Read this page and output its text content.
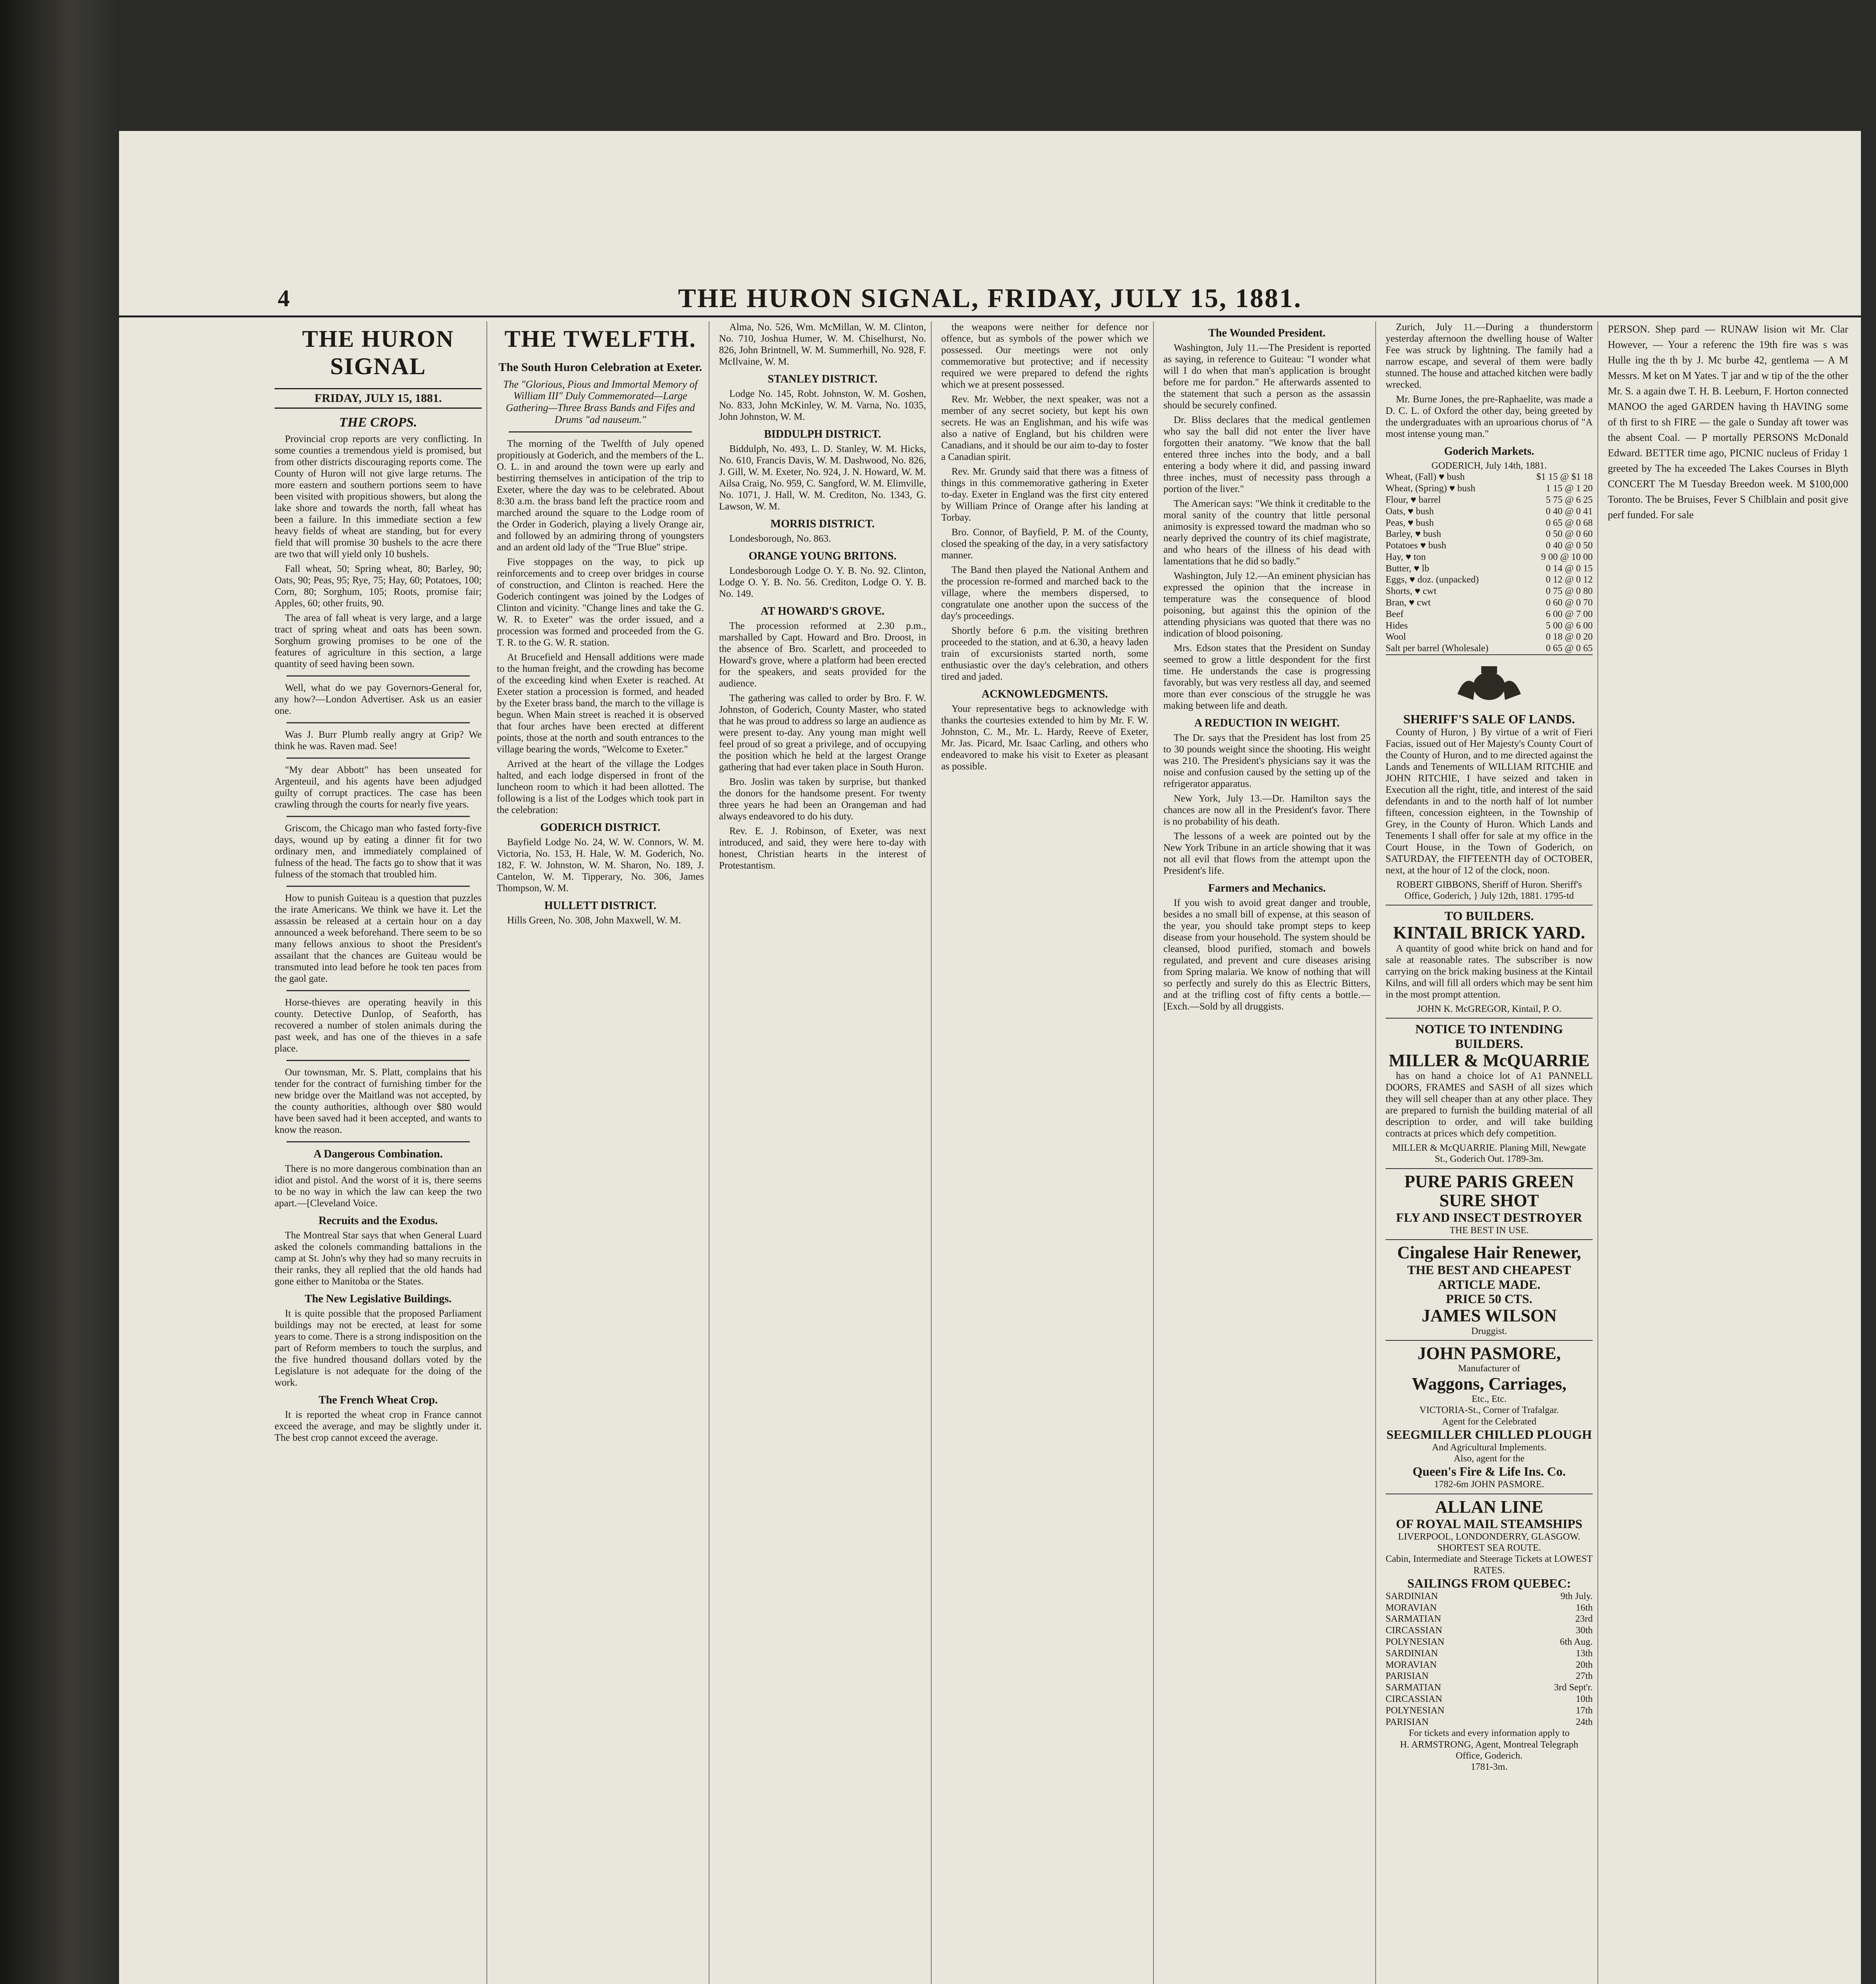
4	THE HURON SIGNAL, FRIDAY, JULY 15, 1881.
THE HURON SIGNAL
FRIDAY, JULY 15, 1881.
THE CROPS.

Provincial crop reports are very conflicting. In some counties a tremendous yield is promised, but from other districts discouraging reports come. The County of Huron will not give large returns. The more eastern and southern portions seem to have been visited with propitious showers, but along the lake shore and towards the north, fall wheat has been a failure. In this immediate section a few heavy fields of wheat are standing, but for every field that will promise 30 bushels to the acre there are two that will yield only 10 bushels.

Fall wheat, 50; Spring wheat, 80; Barley, 90; Oats, 90; Peas, 95; Rye, 75; Hay, 60; Potatoes, 100; Corn, 80; Sorghum, 105; Roots, promise fair; Apples, 60; other fruits, 90.

The area of fall wheat is very large, and a large tract of spring wheat and oats has been sown. Sorghum growing promises to be one of the features of agriculture in this section, a large quantity of seed having been sown.

Well, what do we pay Governors-General for, any how?—London Advertiser. Ask us an easier one.

Was J. Burr Plumb really angry at Grip? We think he was. Raven mad. See!

"My dear Abbott" has been unseated for Argenteuil, and his agents have been adjudged guilty of corrupt practices. The case has been crawling through the courts for nearly five years.

Griscom, the Chicago man who fasted forty-five days, wound up by eating a dinner fit for two ordinary men, and immediately complained of fulness of the head. The facts go to show that it was fulness of the stomach that troubled him.

How to punish Guiteau is a question that puzzles the irate Americans. We think we have it. Let the assassin be released at a certain hour on a day announced a week beforehand. There seem to be so many fellows anxious to shoot the President's assailant that the chances are Guiteau would be transmuted into lead before he took ten paces from the gaol gate.

Horse-thieves are operating heavily in this county. Detective Dunlop, of Seaforth, has recovered a number of stolen animals during the past week, and has one of the thieves in a safe place.

Our townsman, Mr. S. Platt, complains that his tender for the contract of furnishing timber for the new bridge over the Maitland was not accepted, by the county authorities, although over $80 would have been saved had it been accepted, and wants to know the reason.

A Dangerous Combination.

There is no more dangerous combination than an idiot and pistol. And the worst of it is, there seems to be no way in which the law can keep the two apart.—[Cleveland Voice.

Recruits and the Exodus.

The Montreal Star says that when General Luard asked the colonels commanding battalions in the camp at St. John's why they had so many recruits in their ranks, they all replied that the old hands had gone either to Manitoba or the States.

The New Legislative Buildings.

It is quite possible that the proposed Parliament buildings may not be erected, at least for some years to come. There is a strong indisposition on the part of Reform members to touch the surplus, and the five hundred thousand dollars voted by the Legislature is not adequate for the doing of the work.

The French Wheat Crop.

It is reported the wheat crop in France cannot exceed the average, and may be slightly under it. The best crop cannot exceed the average.

THE TWELFTH.
The South Huron Celebration at Exeter.
The "Glorious, Pious and Immortal Memory of William III" Duly Commemorated—Large Gathering—Three Brass Bands and Fifes and Drums "ad nauseum."

The morning of the Twelfth of July opened propitiously at Goderich, and the members of the L. O. L. in and around the town were up early and bestirring themselves in anticipation of the trip to Exeter, where the day was to be celebrated. About 8:30 a.m. the brass band left the practice room and marched around the square to the Lodge room of the Order in Goderich, playing a lively Orange air, and followed by an admiring throng of youngsters and an ardent old lady of the "True Blue" stripe.

Five stoppages on the way, to pick up reinforcements and to creep over bridges in course of construction, and Clinton is reached. Here the Goderich contingent was joined by the Lodges of Clinton and vicinity. "Change lines and take the G. W. R. to Exeter" was the order issued, and a procession was formed and proceeded from the G. T. R. to the G. W. R. station.

At Brucefield and Hensall additions were made to the human freight, and the crowding has become of the exceeding kind when Exeter is reached. At Exeter station a procession is formed, and headed by the Exeter brass band, the march to the village is begun. When Main street is reached it is observed that four arches have been erected at different points, those at the north and south entrances to the village bearing the words, "Welcome to Exeter."

Arrived at the heart of the village the Lodges halted, and each lodge dispersed in front of the luncheon room to which it had been allotted. The following is a list of the Lodges which took part in the celebration:

GODERICH DISTRICT.

Bayfield Lodge No. 24, W. W. Connors, W. M. Victoria, No. 153, H. Hale, W. M. Goderich, No. 182, F. W. Johnston, W. M. Sharon, No. 189, J. Cantelon, W. M. Tipperary, No. 306, James Thompson, W. M.

HULLETT DISTRICT.

Hills Green, No. 308, John Maxwell, W. M.

Alma, No. 526, Wm. McMillan, W. M. Clinton, No. 710, Joshua Humer, W. M. Chiselhurst, No. 826, John Brintnell, W. M. Summerhill, No. 928, F. McIlvaine, W. M.

STANLEY DISTRICT.

Lodge No. 145, Robt. Johnston, W. M. Goshen, No. 833, John McKinley, W. M. Varna, No. 1035, John Johnston, W. M.

BIDDULPH DISTRICT.

Biddulph, No. 493, L. D. Stanley, W. M. Hicks, No. 610, Francis Davis, W. M. Dashwood, No. 826, J. Gill, W. M. Exeter, No. 924, J. N. Howard, W. M. Ailsa Craig, No. 959, C. Sangford, W. M. Elimville, No. 1071, J. Hall, W. M. Crediton, No. 1343, G. Lawson, W. M.

MORRIS DISTRICT.

Londesborough, No. 863.

ORANGE YOUNG BRITONS.

Londesborough Lodge O. Y. B. No. 92. Clinton, Lodge O. Y. B. No. 56. Crediton, Lodge O. Y. B. No. 149.

AT HOWARD'S GROVE.

The procession reformed at 2.30 p.m., marshalled by Capt. Howard and Bro. Droost, in the absence of Bro. Scarlett, and proceeded to Howard's grove, where a platform had been erected for the speakers, and seats provided for the audience.

The gathering was called to order by Bro. F. W. Johnston, of Goderich, County Master, who stated that he was proud to address so large an audience as were present to-day. Any young man might well feel proud of so great a privilege, and of occupying the position which he held at the largest Orange gathering that had ever taken place in South Huron.

Bro. Joslin was taken by surprise, but thanked the donors for the handsome present. For twenty three years he had been an Orangeman and had always endeavored to do his duty.

Rev. E. J. Robinson, of Exeter, was next introduced, and said, they were here to-day with honest, Christian hearts in the interest of Protestantism.

the weapons were neither for defence nor offence, but as symbols of the power which we possessed. Our meetings were not only commemorative but protective; and if necessity required we were prepared to defend the rights which we at present possessed.

Rev. Mr. Webber, the next speaker, was not a member of any secret society, but kept his own secrets. He was an Englishman, and his wife was also a native of England, but his children were Canadians, and it should be our aim to-day to foster a Canadian spirit.

Rev. Mr. Grundy said that there was a fitness of things in this commemorative gathering in Exeter to-day. Exeter in England was the first city entered by William Prince of Orange after his landing at Torbay.

Bro. Connor, of Bayfield, P. M. of the County, closed the speaking of the day, in a very satisfactory manner.

The Band then played the National Anthem and the procession re-formed and marched back to the village, where the members dispersed, to congratulate one another upon the success of the day's proceedings.

Shortly before 6 p.m. the visiting brethren proceeded to the station, and at 6.30, a heavy laden train of excursionists started north, some enthusiastic over the day's celebration, and others tired and jaded.

ACKNOWLEDGMENTS.

Your representative begs to acknowledge with thanks the courtesies extended to him by Mr. F. W. Johnston, C. M., Mr. L. Hardy, Reeve of Exeter, Mr. Jas. Picard, Mr. Isaac Carling, and others who endeavored to make his visit to Exeter as pleasant as possible.

The Wounded President.

Washington, July 11.—The President is reported as saying, in reference to Guiteau: "I wonder what will I do when that man's application is brought before me for pardon." He afterwards assented to the statement that such a person as the assassin should be securely confined.

Dr. Bliss declares that the medical gentlemen who say the ball did not enter the liver have forgotten their anatomy. "We know that the ball entered three inches into the body, and a ball entering a body where it did, and passing inward three inches, must of necessity pass through a portion of the liver."

The American says: "We think it creditable to the moral sanity of the country that little personal animosity is expressed toward the madman who so nearly deprived the country of its chief magistrate, and who hears of the illness of his dead with lamentations that he did so badly."

Washington, July 12.—An eminent physician has expressed the opinion that the increase in temperature was the consequence of blood poisoning, but against this the opinion of the attending physicians was quoted that there was no indication of blood poisoning.

Mrs. Edson states that the President on Sunday seemed to grow a little despondent for the first time. He understands the case is progressing favorably, but was very restless all day, and seemed more than ever conscious of the struggle he was making between life and death.

A REDUCTION IN WEIGHT.

The Dr. says that the President has lost from 25 to 30 pounds weight since the shooting. His weight was 210. The President's physicians say it was the noise and confusion caused by the setting up of the refrigerator apparatus.

New York, July 13.—Dr. Hamilton says the chances are now all in the President's favor. There is no probability of his death.

The lessons of a week are pointed out by the New York Tribune in an article showing that it was not all evil that flows from the attempt upon the President's life.

Farmers and Mechanics.

If you wish to avoid great danger and trouble, besides a no small bill of expense, at this season of the year, you should take prompt steps to keep disease from your household. The system should be cleansed, blood purified, stomach and bowels regulated, and prevent and cure diseases arising from Spring malaria. We know of nothing that will so perfectly and surely do this as Electric Bitters, and at the trifling cost of fifty cents a bottle.—[Exch.—Sold by all druggists.

Zurich, July 11.—During a thunderstorm yesterday afternoon the dwelling house of Walter Fee was struck by lightning. The family had a narrow escape, and several of them were badly stunned. The house and attached kitchen were badly wrecked.

Mr. Burne Jones, the pre-Raphaelite, was made a D. C. L. of Oxford the other day, being greeted by the undergraduates with an uproarious chorus of "A most intense young man."

Goderich Markets.
GODERICH, July 14th, 1881.
Wheat, (Fall) ♥ bush	$1 15 @ $1 18
Wheat, (Spring) ♥ bush	1 15 @ 1 20
Flour, ♥ barrel	5 75 @ 6 25
Oats, ♥ bush	0 40 @ 0 41
Peas, ♥ bush	0 65 @ 0 68
Barley, ♥ bush	0 50 @ 0 60
Potatoes ♥ bush	0 40 @ 0 50
Hay, ♥ ton	9 00 @ 10 00
Butter, ♥ lb	0 14 @ 0 15
Eggs, ♥ doz. (unpacked)	0 12 @ 0 12
Shorts, ♥ cwt	0 75 @ 0 80
Bran, ♥ cwt	0 60 @ 0 70
Beef	6 00 @ 7 00
Hides	5 00 @ 6 00
Wool	0 18 @ 0 20
Salt per barrel (Wholesale)	0 65 @ 0 65
SHERIFF'S SALE OF LANDS.

County of Huron, } By virtue of a writ of Fieri Facias, issued out of Her Majesty's County Court of the County of Huron, and to me directed against the Lands and Tenements of WILLIAM RITCHIE and JOHN RITCHIE, I have seized and taken in Execution all the right, title, and interest of the said defendants in and to the north half of lot number fifteen, concession eighteen, in the Township of Grey, in the County of Huron. Which Lands and Tenements I shall offer for sale at my office in the Court House, in the Town of Goderich, on SATURDAY, the FIFTEENTH day of OCTOBER, next, at the hour of 12 of the clock, noon.

ROBERT GIBBONS, Sheriff of Huron. Sheriff's Office, Goderich, } July 12th, 1881. 1795-td
TO BUILDERS.
KINTAIL BRICK YARD.

A quantity of good white brick on hand and for sale at reasonable rates. The subscriber is now carrying on the brick making business at the Kintail Kilns, and will fill all orders which may be sent him in the most prompt attention.

JOHN K. McGREGOR, Kintail, P. O.
NOTICE TO INTENDING BUILDERS.
MILLER & McQUARRIE

has on hand a choice lot of A1 PANNELL DOORS, FRAMES and SASH of all sizes which they will sell cheaper than at any other place. They are prepared to furnish the building material of all description to order, and will take building contracts at prices which defy competition.

MILLER & McQUARRIE. Planing Mill, Newgate St., Goderich Out. 1789-3m.
PURE PARIS GREEN
SURE SHOT
FLY AND INSECT DESTROYER
THE BEST IN USE.
Cingalese Hair Renewer,
THE BEST AND CHEAPEST ARTICLE MADE.
PRICE 50 CTS.
JAMES WILSON
Druggist.
JOHN PASMORE,
Manufacturer of
Waggons, Carriages,
Etc., Etc.
VICTORIA-St., Corner of Trafalgar.
Agent for the Celebrated
SEEGMILLER CHILLED PLOUGH
And Agricultural Implements.
Also, agent for the
Queen's Fire & Life Ins. Co.
1782-6m JOHN PASMORE.
ALLAN LINE
OF ROYAL MAIL STEAMSHIPS
LIVERPOOL, LONDONDERRY, GLASGOW.
SHORTEST SEA ROUTE.
Cabin, Intermediate and Steerage Tickets at LOWEST RATES.
SAILINGS FROM QUEBEC:
SARDINIAN	9th July.
MORAVIAN	16th
SARMATIAN	23rd
CIRCASSIAN	30th
POLYNESIAN	6th Aug.
SARDINIAN	13th
MORAVIAN	20th
PARISIAN	27th
SARMATIAN	3rd Sept'r.
CIRCASSIAN	10th
POLYNESIAN	17th
PARISIAN	24th
For tickets and every information apply to
H. ARMSTRONG, Agent, Montreal Telegraph Office, Goderich.
1781-3m.

PERSON. Shep pard — RUNAW lision wit Mr. Clar However, — Your a referenc the 19th fire was s was Hulle ing the th by J. Mc burbe 42, gentlema — A M Messrs. M ket on M Yates. T jar and w tip of the the other Mr. S. a again dwe T. H. B. Leeburn, F. Horton connected MANOO the aged GARDEN having th HAVING some of th first to sh FIRE — the gale o Sunday aft tower was the absent Coal. — P mortally PERSONS McDonald Edward. BETTER time ago, PICNIC nucleus of Friday 1 greeted by The ha exceeded The Lakes Courses in Blyth CONCERT The M Tuesday Breedon week. M $100,000 Toronto. The be Bruises, Fever S Chilblain and posit give perf funded. For sale
